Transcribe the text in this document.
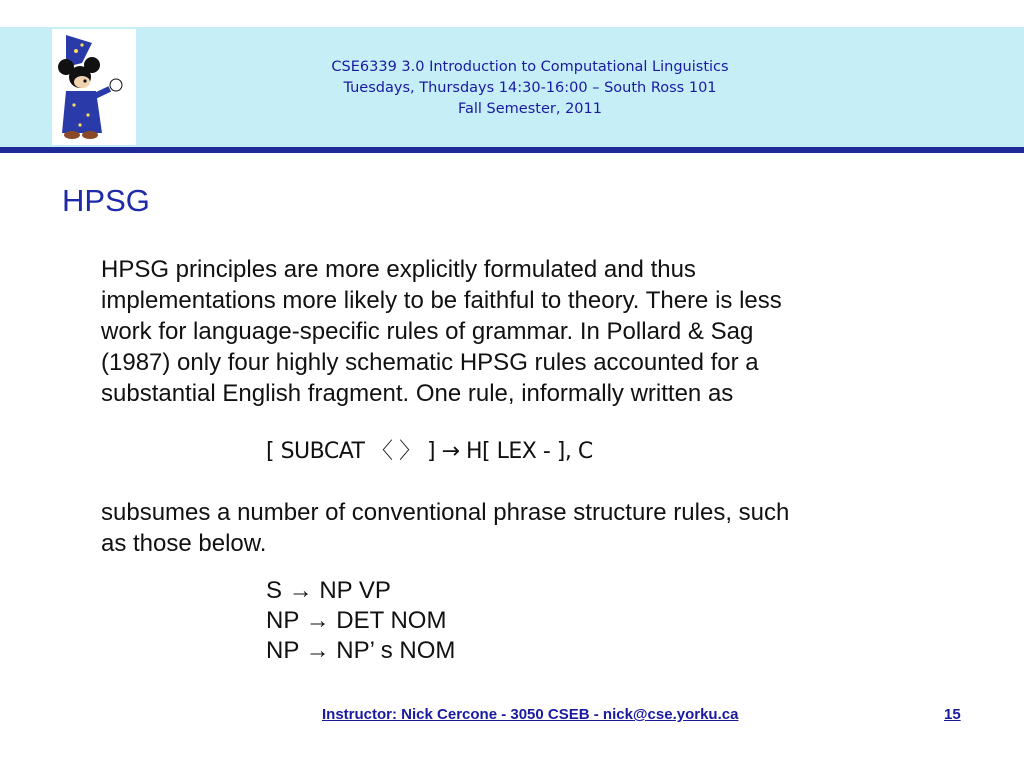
CSE6339 3.0 Introduction to Computational Linguistics
Tuesdays, Thursdays 14:30-16:00 – South Ross 101
Fall Semester, 2011
HPSG
HPSG principles are more explicitly formulated and thus
implementations more likely to be faithful to theory. There is less
work for language-specific rules of grammar. In Pollard & Sag
(1987) only four highly schematic HPSG rules accounted for a
substantial English fragment. One rule, informally written as
[ SUBCAT 〈 〉 ] → H[ LEX - ], C
subsumes a number of conventional phrase structure rules, such
as those below.
S → NP VP
NP → DET NOM
NP → NP’ s NOM
Instructor: Nick Cercone - 3050 CSEB - nick@cse.yorku.ca	15
